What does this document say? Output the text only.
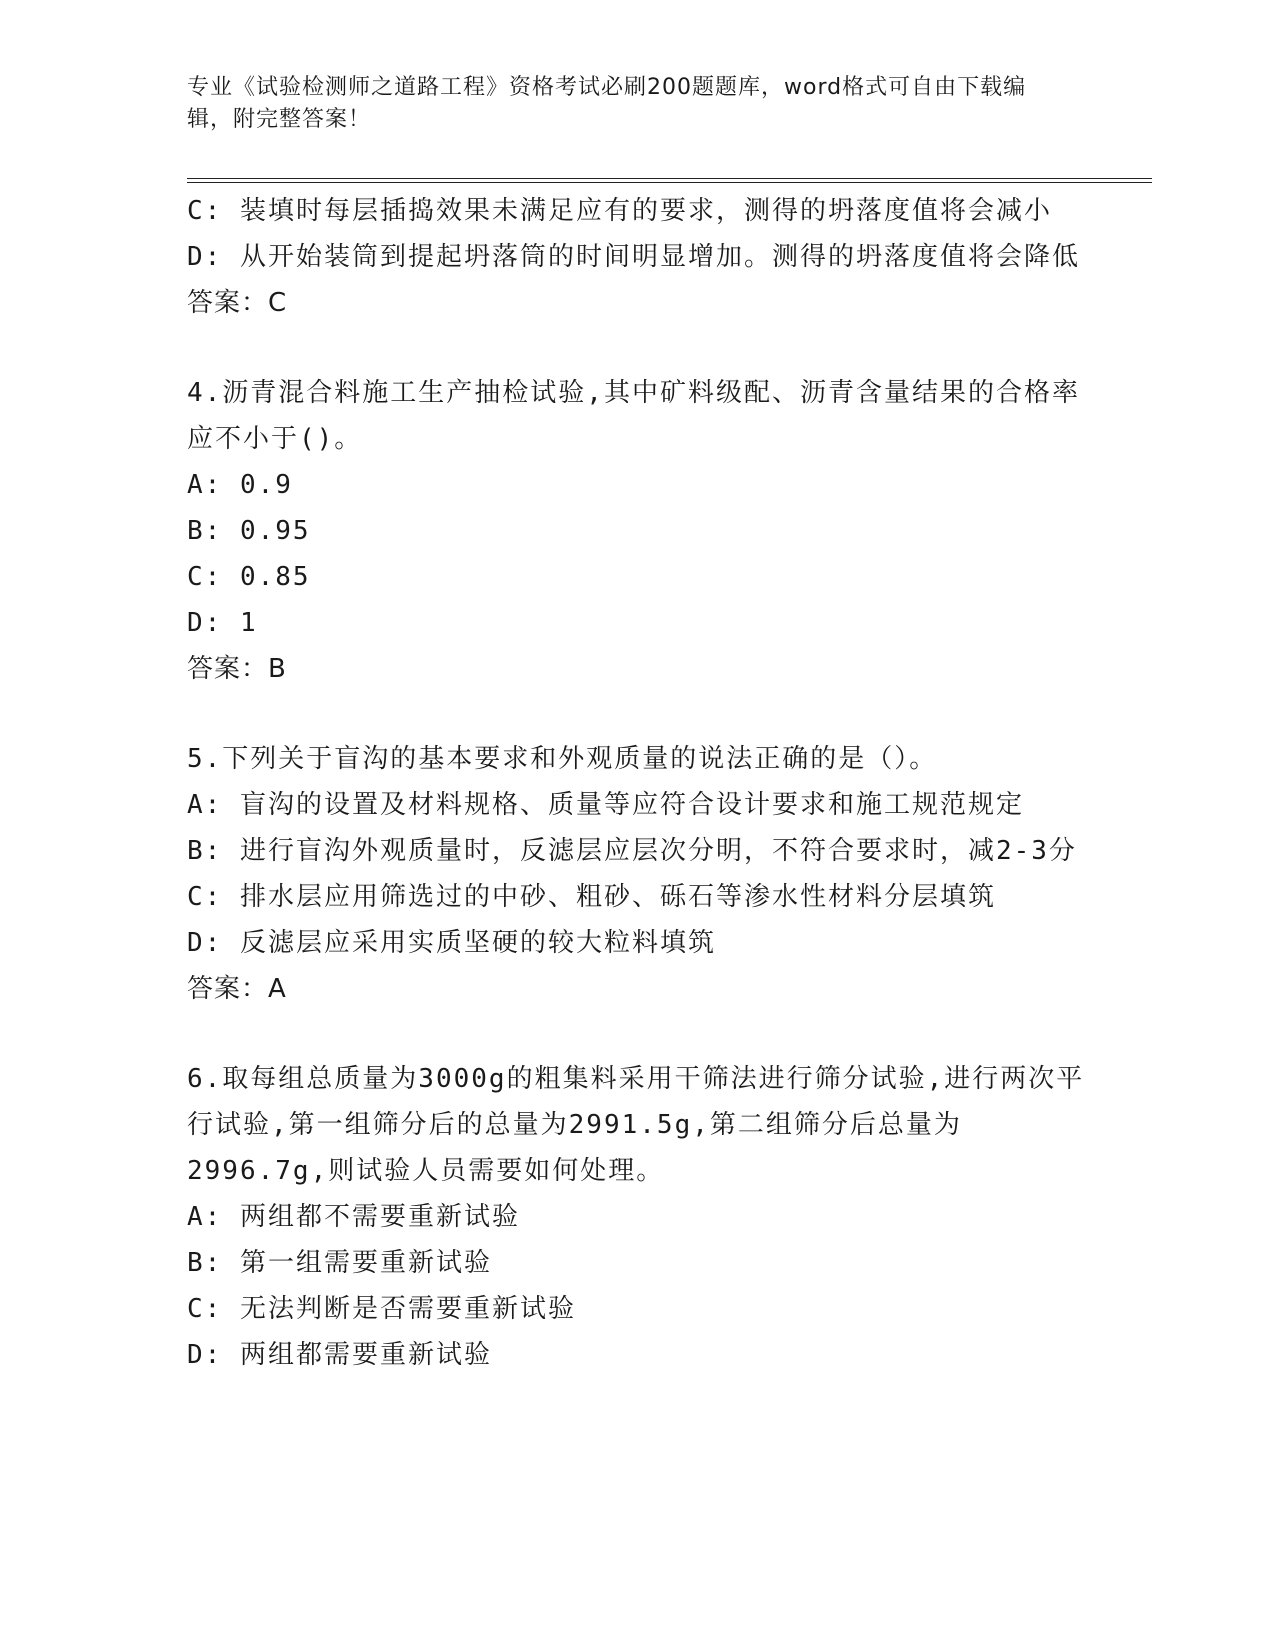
专业《试验检测师之道路工程》资格考试必刷200题题库，word格式可自由下载编辑，附完整答案！
C: 装填时每层插捣效果未满足应有的要求，测得的坍落度值将会减小
D: 从开始装筒到提起坍落筒的时间明显增加。测得的坍落度值将会降低
答案：C
4.沥青混合料施工生产抽检试验,其中矿料级配、沥青含量结果的合格率应不小于()。
A: 0.9
B: 0.95
C: 0.85
D: 1
答案：B
5.下列关于盲沟的基本要求和外观质量的说法正确的是（）。
A: 盲沟的设置及材料规格、质量等应符合设计要求和施工规范规定
B: 进行盲沟外观质量时，反滤层应层次分明，不符合要求时，减2-3分
C: 排水层应用筛选过的中砂、粗砂、砾石等渗水性材料分层填筑
D: 反滤层应采用实质坚硬的较大粒料填筑
答案：A
6.取每组总质量为3000g的粗集料采用干筛法进行筛分试验,进行两次平行试验,第一组筛分后的总量为2991.5g,第二组筛分后总量为2996.7g,则试验人员需要如何处理。
A: 两组都不需要重新试验
B: 第一组需要重新试验
C: 无法判断是否需要重新试验
D: 两组都需要重新试验
